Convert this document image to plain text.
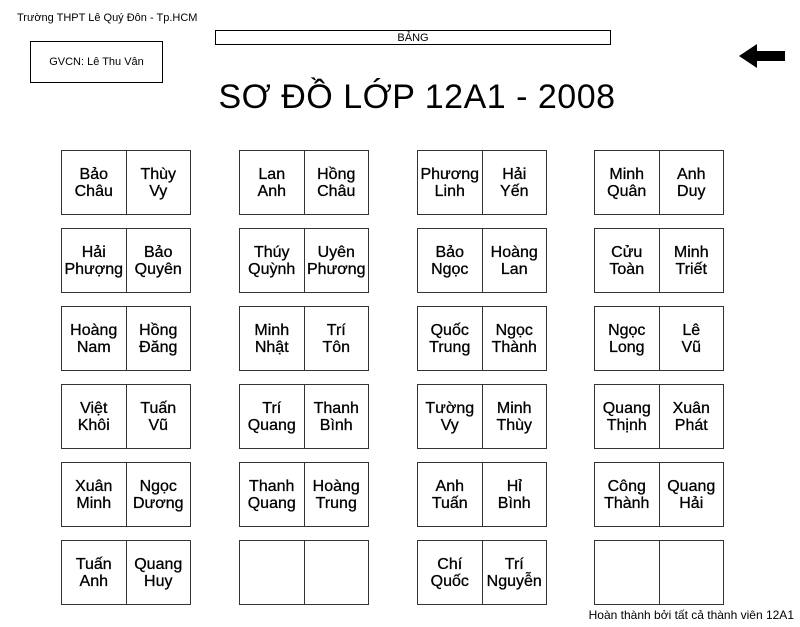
Trường THPT Lê Quý Đôn - Tp.HCM
GVCN: Lê Thu Vân
BẢNG
SƠ ĐỒ LỚP 12A1 - 2008
Bảo
Châu
Thùy
Vy
Hải
Phượng
Bảo
Quyên
Hoàng
Nam
Hồng
Đăng
Việt
Khôi
Tuấn
Vũ
Xuân
Minh
Ngọc
Dương
Tuấn
Anh
Quang
Huy
Lan
Anh
Hồng
Châu
Thúy
Quỳnh
Uyên
Phương
Minh
Nhật
Trí
Tôn
Trí
Quang
Thanh
Bình
Thanh
Quang
Hoàng
Trung
Phương
Linh
Hải
Yến
Bảo
Ngọc
Hoàng
Lan
Quốc
Trung
Ngọc
Thành
Tường
Vy
Minh
Thùy
Anh
Tuấn
Hỉ
Bình
Chí
Quốc
Trí
Nguyễn
Minh
Quân
Anh
Duy
Cửu
Toàn
Minh
Triết
Ngọc
Long
Lê
Vũ
Quang
Thịnh
Xuân
Phát
Công
Thành
Quang
Hải
Hoàn thành bởi tất cả thành viên 12A1
